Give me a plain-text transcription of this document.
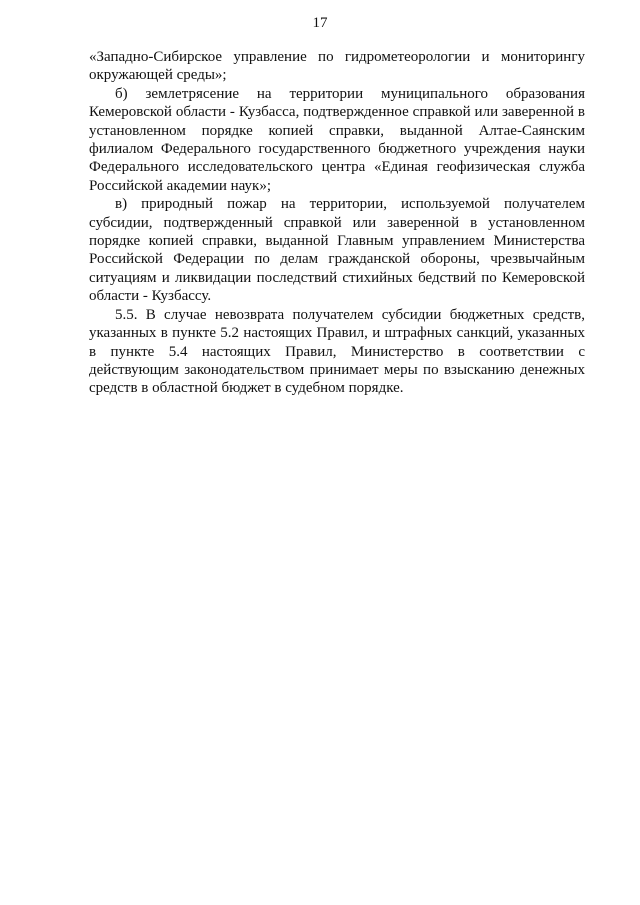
17

«Западно-Сибирское управление по гидрометеорологии и мониторингу окружающей среды»;

б) землетрясение на территории муниципального образования Кемеровской области - Кузбасса, подтвержденное справкой или заверенной в установленном порядке копией справки, выданной Алтае-Саянским филиалом Федерального государственного бюджетного учреждения науки Федерального исследовательского центра «Единая геофизическая служба Российской академии наук»;

в) природный пожар на территории, используемой получателем субсидии, подтвержденный справкой или заверенной в установленном порядке копией справки, выданной Главным управлением Министерства Российской Федерации по делам гражданской обороны, чрезвычайным ситуациям и ликвидации последствий стихийных бедствий по Кемеровской области - Кузбассу.

5.5. В случае невозврата получателем субсидии бюджетных средств, указанных в пункте 5.2 настоящих Правил, и штрафных санкций, указанных в пункте 5.4 настоящих Правил, Министерство в соответствии с действующим законодательством принимает меры по взысканию денежных средств в областной бюджет в судебном порядке.
